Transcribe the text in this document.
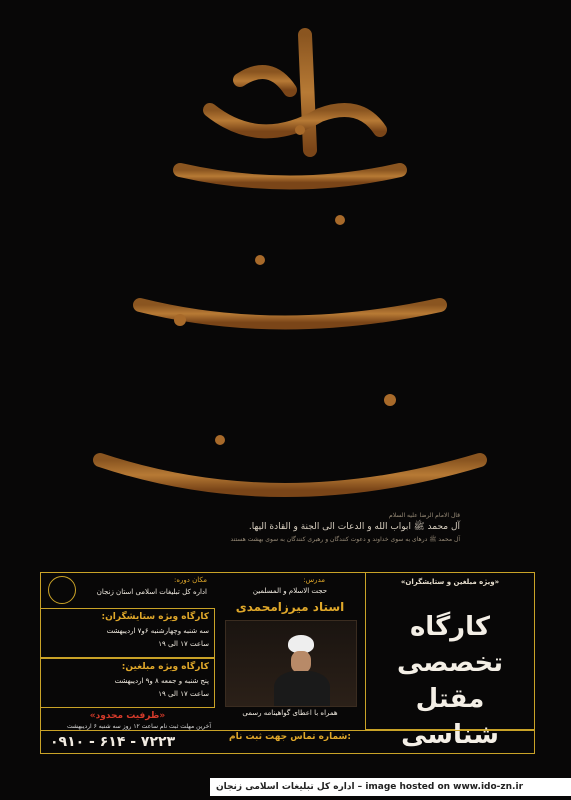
قال الامام الرضا عليه السلام
آل محمد ﷺ ابواب الله و الدعات الی الجنة و القادة الیها.
آل محمد ﷺ درهای به سوی خداوند و دعوت کنندگان و رهبری کنندگان به سوی بهشت هستند
مکان دوره:
اداره کل تبلیغات اسلامی استان زنجان
کارگاه ویژه ستایشگران:
سه شنبه وچهارشنبه ۶و۷ اردیبهشت
ساعت ۱۷ الی ۱۹
کارگاه ویژه مبلغین:
پنج شنبه و جمعه ۸ و۹ اردیبهشت
ساعت ۱۷ الی ۱۹
«ظرفیت محدود»
آخرین مهلت ثبت نام ساعت ۱۲ روز سه شنبه ۶ اردیبهشت
مدرس:
حجت الاسلام و المسلمین
استاد میرزامحمدی
همراه با اعطای گواهینامه رسمی
شماره تماس جهت ثبت نام:
«ویژه مبلغین و ستایشگران»
کارگاه
تخصصی
مقتل
شناسی
۰۹۱۰ - ۶۱۴ - ۷۲۲۳
اداره کل تبلیغات اسلامی زنجان – image hosted on www.ido-zn.ir
